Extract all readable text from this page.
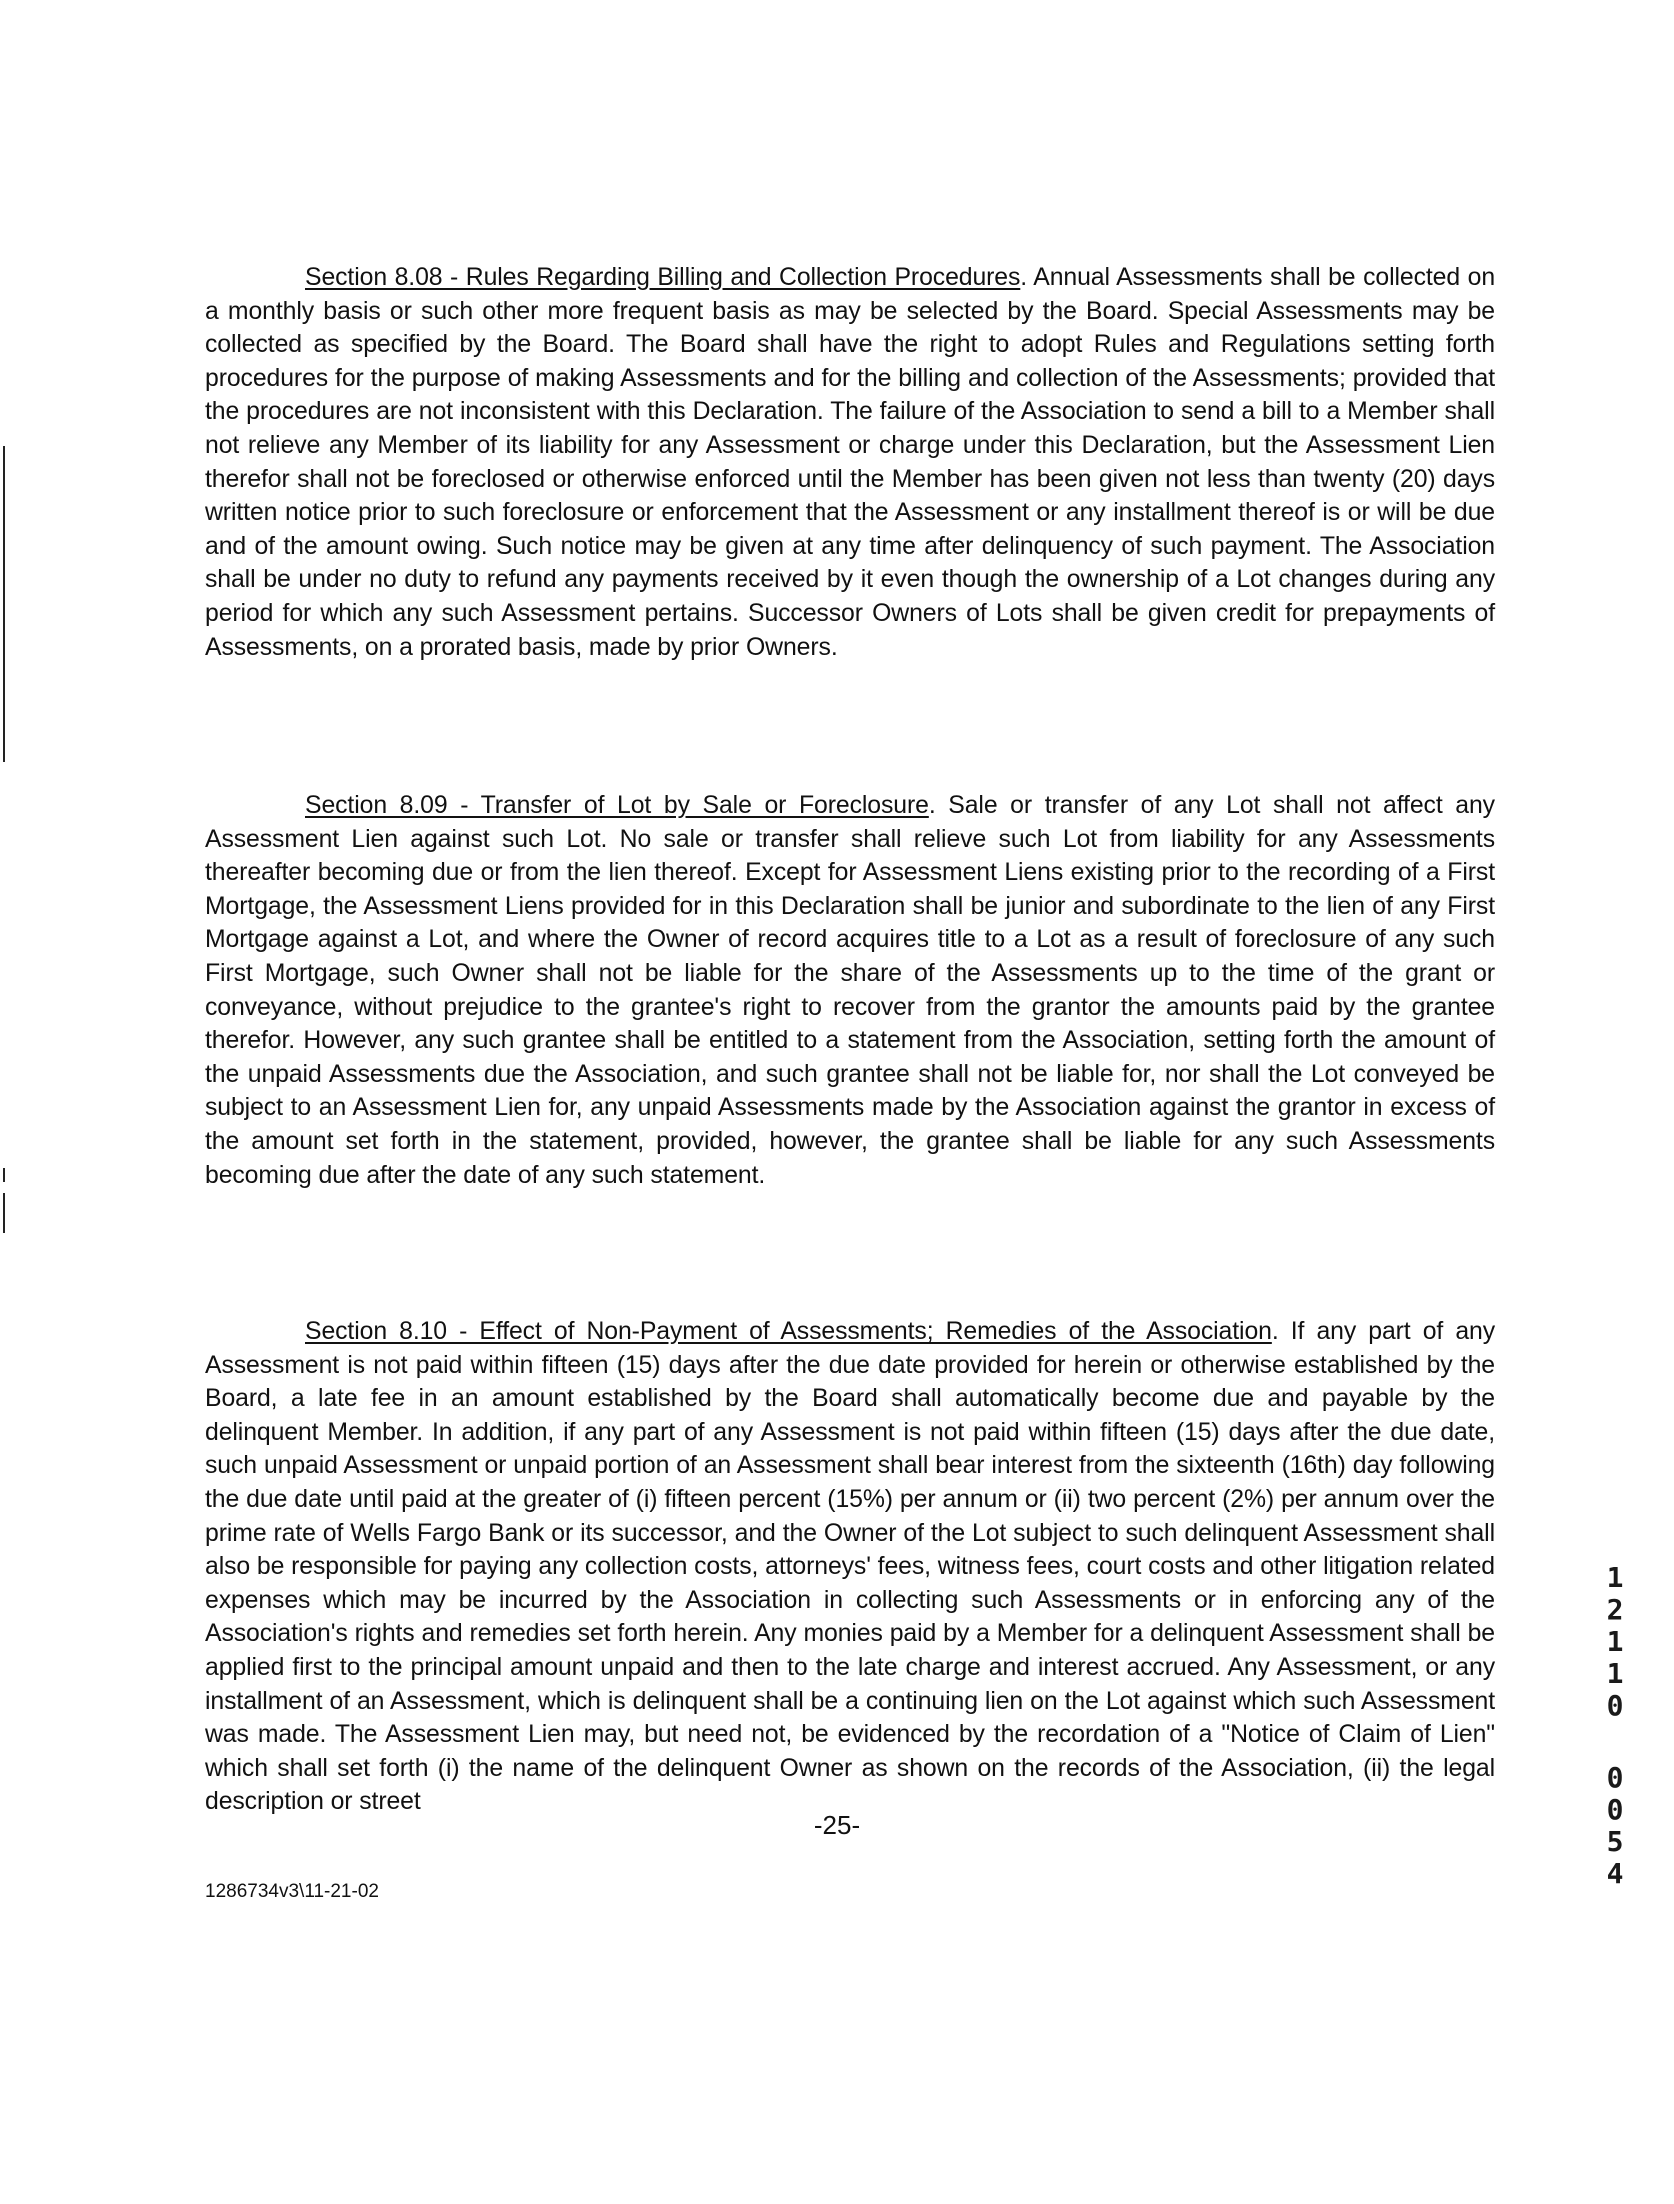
Section 8.08 - Rules Regarding Billing and Collection Procedures. Annual Assessments shall be collected on a monthly basis or such other more frequent basis as may be selected by the Board. Special Assessments may be collected as specified by the Board. The Board shall have the right to adopt Rules and Regulations setting forth procedures for the purpose of making Assessments and for the billing and collection of the Assessments; provided that the procedures are not inconsistent with this Declaration. The failure of the Association to send a bill to a Member shall not relieve any Member of its liability for any Assessment or charge under this Declaration, but the Assessment Lien therefor shall not be foreclosed or otherwise enforced until the Member has been given not less than twenty (20) days written notice prior to such foreclosure or enforcement that the Assessment or any installment thereof is or will be due and of the amount owing. Such notice may be given at any time after delinquency of such payment. The Association shall be under no duty to refund any payments received by it even though the ownership of a Lot changes during any period for which any such Assessment pertains. Successor Owners of Lots shall be given credit for prepayments of Assessments, on a prorated basis, made by prior Owners.

Section 8.09 - Transfer of Lot by Sale or Foreclosure. Sale or transfer of any Lot shall not affect any Assessment Lien against such Lot. No sale or transfer shall relieve such Lot from liability for any Assessments thereafter becoming due or from the lien thereof. Except for Assessment Liens existing prior to the recording of a First Mortgage, the Assessment Liens provided for in this Declaration shall be junior and subordinate to the lien of any First Mortgage against a Lot, and where the Owner of record acquires title to a Lot as a result of foreclosure of any such First Mortgage, such Owner shall not be liable for the share of the Assessments up to the time of the grant or conveyance, without prejudice to the grantee's right to recover from the grantor the amounts paid by the grantee therefor. However, any such grantee shall be entitled to a statement from the Association, setting forth the amount of the unpaid Assessments due the Association, and such grantee shall not be liable for, nor shall the Lot conveyed be subject to an Assessment Lien for, any unpaid Assessments made by the Association against the grantor in excess of the amount set forth in the statement, provided, however, the grantee shall be liable for any such Assessments becoming due after the date of any such statement.

Section 8.10 - Effect of Non-Payment of Assessments; Remedies of the Association. If any part of any Assessment is not paid within fifteen (15) days after the due date provided for herein or otherwise established by the Board, a late fee in an amount established by the Board shall automatically become due and payable by the delinquent Member. In addition, if any part of any Assessment is not paid within fifteen (15) days after the due date, such unpaid Assessment or unpaid portion of an Assessment shall bear interest from the sixteenth (16th) day following the due date until paid at the greater of (i) fifteen percent (15%) per annum or (ii) two percent (2%) per annum over the prime rate of Wells Fargo Bank or its successor, and the Owner of the Lot subject to such delinquent Assessment shall also be responsible for paying any collection costs, attorneys' fees, witness fees, court costs and other litigation related expenses which may be incurred by the Association in collecting such Assessments or in enforcing any of the Association's rights and remedies set forth herein. Any monies paid by a Member for a delinquent Assessment shall be applied first to the principal amount unpaid and then to the late charge and interest accrued. Any Assessment, or any installment of an Assessment, which is delinquent shall be a continuing lien on the Lot against which such Assessment was made. The Assessment Lien may, but need not, be evidenced by the recordation of a "Notice of Claim of Lien" which shall set forth (i) the name of the delinquent Owner as shown on the records of the Association, (ii) the legal description or street

1
2
1
1
0
0
0
5
4
-25-
1286734v3\11-21-02
